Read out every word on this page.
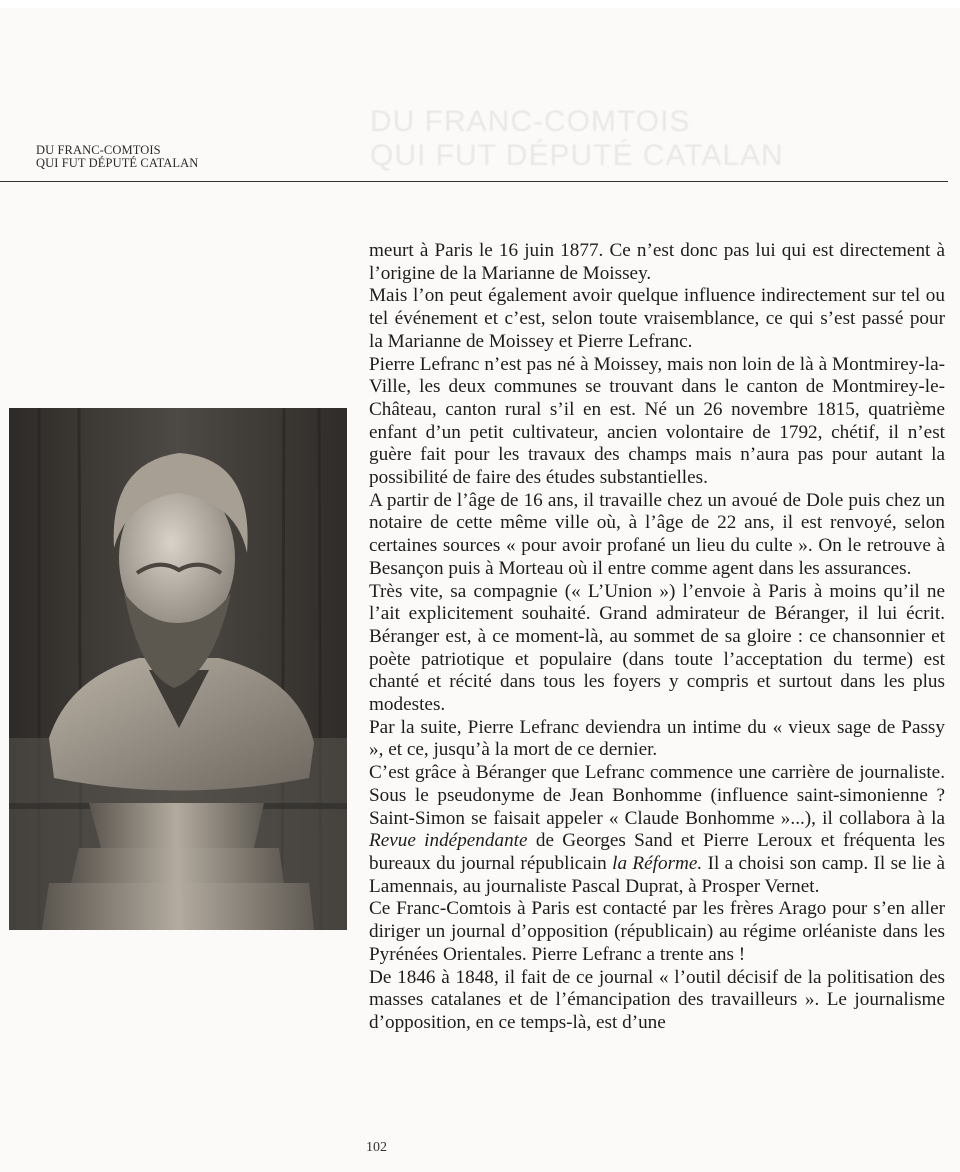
DU FRANC-COMTOIS
QUI FUT DÉPUTÉ CATALAN
DU FRANC-COMTOIS
QUI FUT DÉPUTÉ CATALAN

meurt à Paris le 16 juin 1877. Ce n’est donc pas lui qui est directement à l’origine de la Marianne de Moissey.

Mais l’on peut également avoir quelque influence indirectement sur tel ou tel événement et c’est, selon toute vraisemblance, ce qui s’est passé pour la Marianne de Moissey et Pierre Lefranc.

Pierre Lefranc n’est pas né à Moissey, mais non loin de là à Montmirey-la-Ville, les deux communes se trouvant dans le canton de Montmirey-le-Château, canton rural s’il en est. Né un 26 novembre 1815, quatrième enfant d’un petit cultivateur, ancien volontaire de 1792, chétif, il n’est guère fait pour les travaux des champs mais n’aura pas pour autant la possibilité de faire des études substantielles.

A partir de l’âge de 16 ans, il travaille chez un avoué de Dole puis chez un notaire de cette même ville où, à l’âge de 22 ans, il est renvoyé, selon certaines sources « pour avoir profané un lieu du culte ». On le retrouve à Besançon puis à Morteau où il entre comme agent dans les assurances.

Très vite, sa compagnie (« L’Union ») l’envoie à Paris à moins qu’il ne l’ait explicitement souhaité. Grand admirateur de Béranger, il lui écrit. Béranger est, à ce moment-là, au sommet de sa gloire : ce chansonnier et poète patriotique et populaire (dans toute l’acceptation du terme) est chanté et récité dans tous les foyers y compris et surtout dans les plus modestes.

Par la suite, Pierre Lefranc deviendra un intime du « vieux sage de Passy », et ce, jusqu’à la mort de ce dernier.

C’est grâce à Béranger que Lefranc commence une carrière de journaliste. Sous le pseudonyme de Jean Bonhomme (influence saint-simonienne ? Saint-Simon se faisait appeler « Claude Bonhomme »...), il collabora à la Revue indépendante de Georges Sand et Pierre Leroux et fréquenta les bureaux du journal républicain la Réforme. Il a choisi son camp. Il se lie à Lamennais, au journaliste Pascal Duprat, à Prosper Vernet.

Ce Franc-Comtois à Paris est contacté par les frères Arago pour s’en aller diriger un journal d’opposition (républicain) au régime orléaniste dans les Pyrénées Orientales. Pierre Lefranc a trente ans !

De 1846 à 1848, il fait de ce journal « l’outil décisif de la politisation des masses catalanes et de l’émancipation des travailleurs ». Le journalisme d’opposition, en ce temps-là, est d’une

102
